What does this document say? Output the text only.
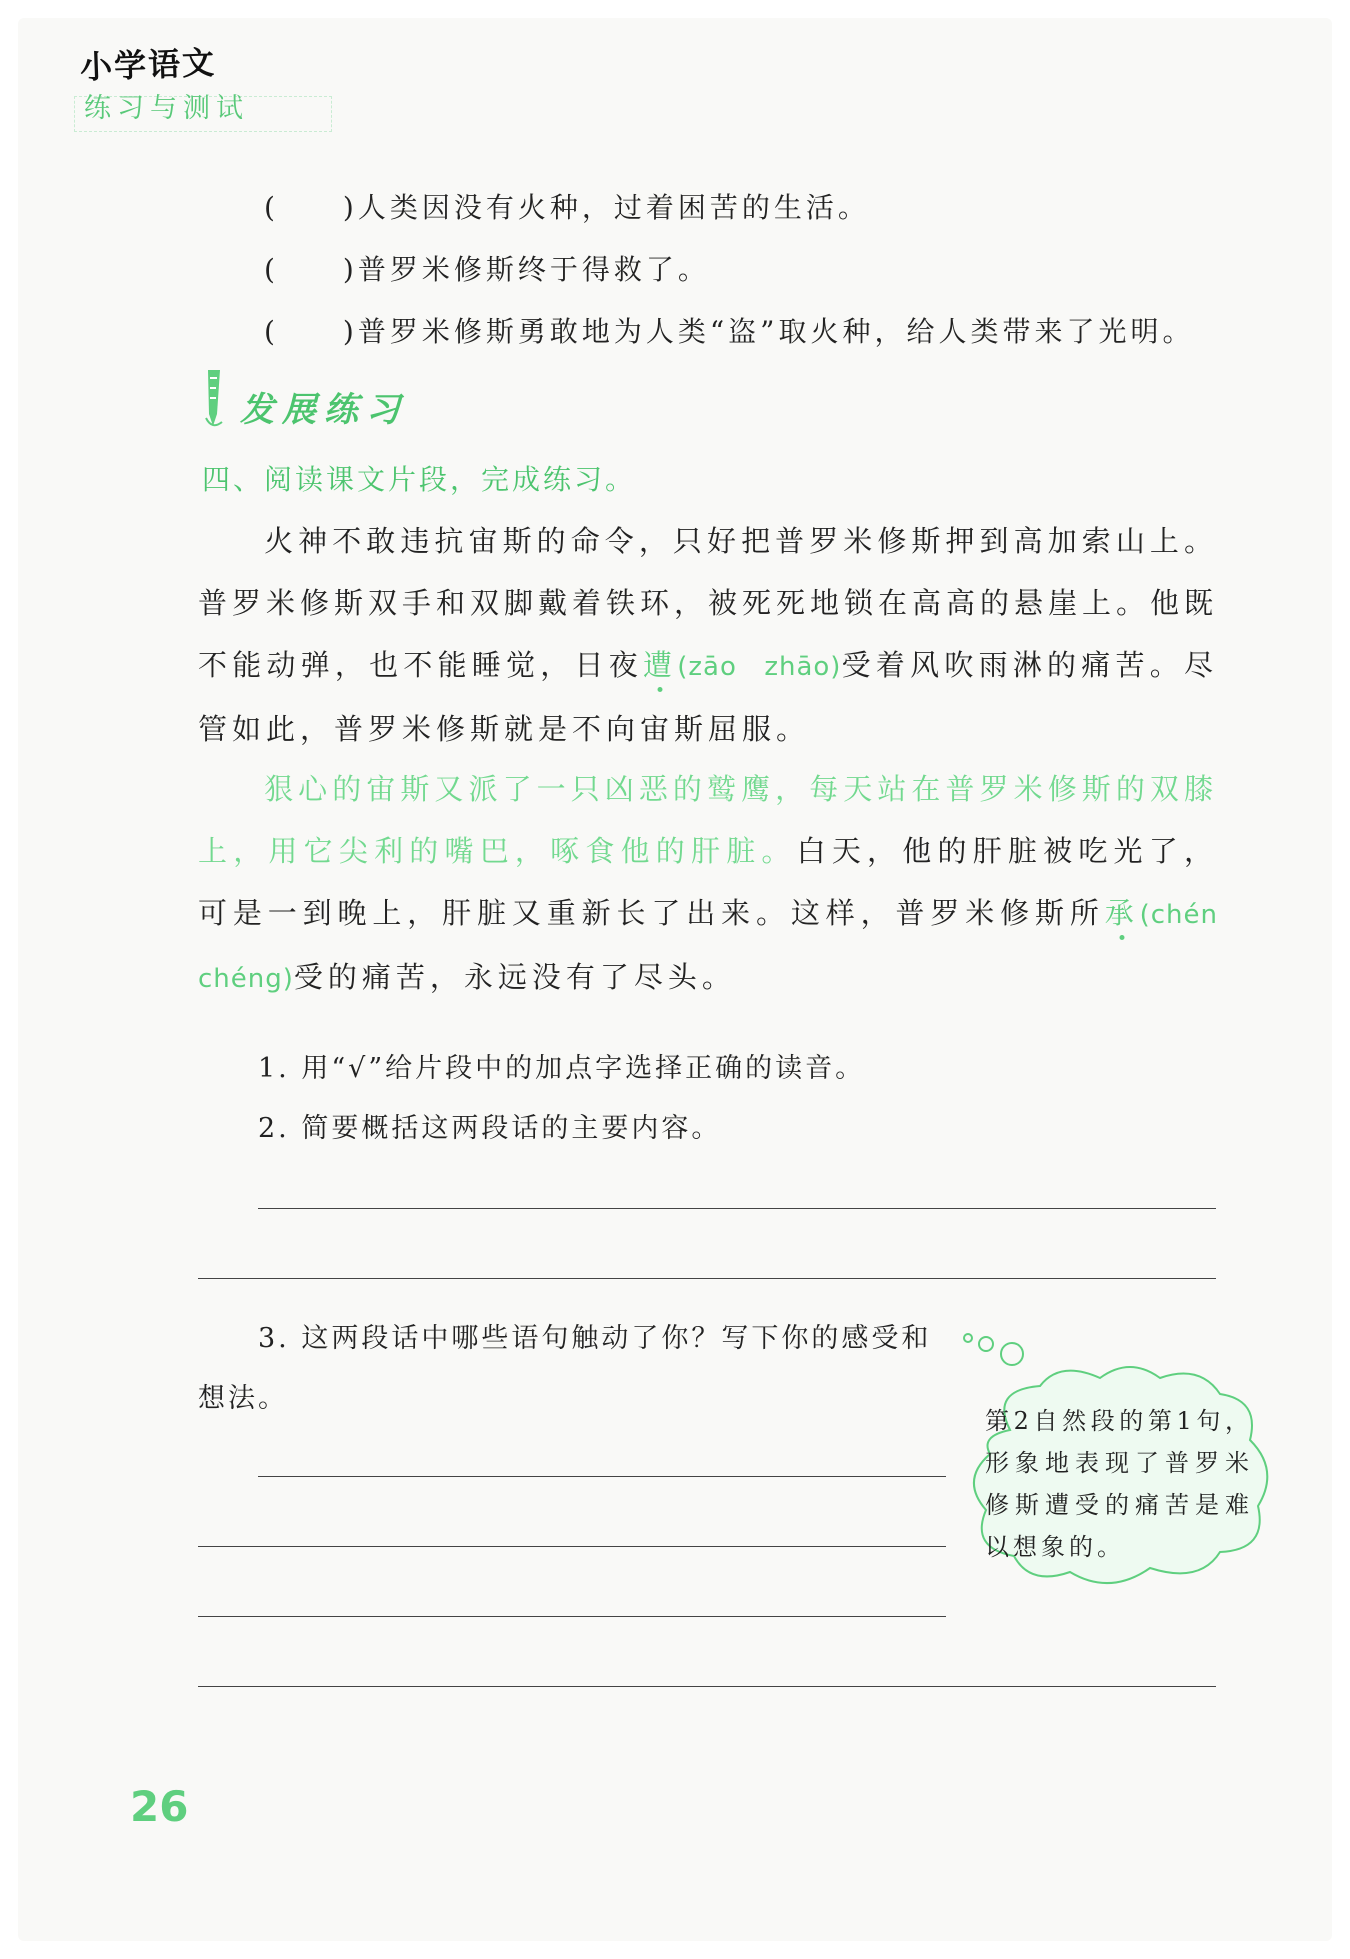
小学语文
练习与测试
(　　)人类因没有火种，过着困苦的生活。
(　　)普罗米修斯终于得救了。
(　　)普罗米修斯勇敢地为人类“盗”取火种，给人类带来了光明。
发展练习
四、阅读课文片段，完成练习。
火神不敢违抗宙斯的命令，只好把普罗米修斯押到高加索山上。普罗米修斯双手和双脚戴着铁环，被死死地锁在高高的悬崖上。他既不能动弹，也不能睡觉，日夜遭(zāo　zhāo)受着风吹雨淋的痛苦。尽管如此，普罗米修斯就是不向宙斯屈服。
狠心的宙斯又派了一只凶恶的鹫鹰，每天站在普罗米修斯的双膝上，用它尖利的嘴巴，啄食他的肝脏。白天，他的肝脏被吃光了，可是一到晚上，肝脏又重新长了出来。这样，普罗米修斯所承(chén　chéng)受的痛苦，永远没有了尽头。
1. 用“√”给片段中的加点字选择正确的读音。
2. 简要概括这两段话的主要内容。
3. 这两段话中哪些语句触动了你？写下你的感受和
想法。
第2自然段的第1句，形象地表现了普罗米修斯遭受的痛苦是难以想象的。
26
